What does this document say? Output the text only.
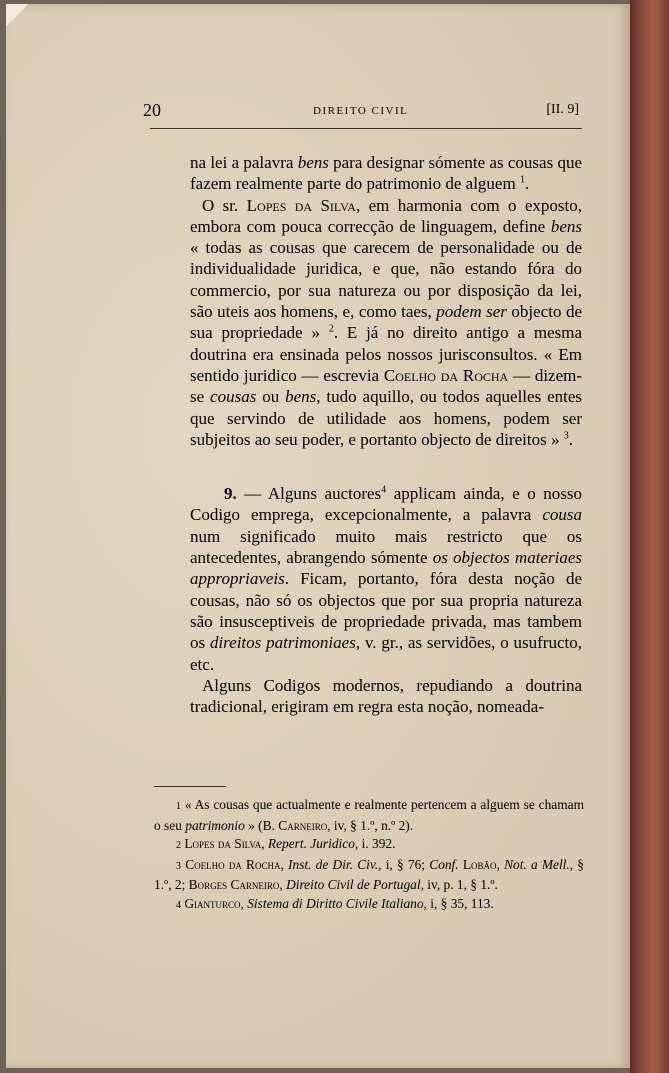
20	DIREITO CIVIL	[II. 9]

na lei a palavra bens para designar sómente as cousas que fazem realmente parte do patrimonio de alguem $^1$.

O sr. Lopes da Silva, em harmonia com o exposto, embora com pouca correcção de linguagem, define bens « todas as cousas que carecem de personalidade ou de individualidade juridica, e que, não estando fóra do commercio, por sua natureza ou por disposição da lei, são uteis aos homens, e, como taes, podem ser objecto de sua propriedade » $^2$. E já no direito antigo a mesma doutrina era ensinada pelos nossos jurisconsultos. « Em sentido juridico — escrevia Coelho da Rocha — dizem-se cousas ou bens, tudo aquillo, ou todos aquelles entes que servindo de utilidade aos homens, podem ser subjeitos ao seu poder, e portanto objecto de direitos » $^3$.

9. — Alguns auctores$^4$ applicam ainda, e o nosso Codigo emprega, excepcionalmente, a palavra cousa num significado muito mais restricto que os antecedentes, abrangendo sómente os objectos materiaes appropriaveis. Ficam, portanto, fóra desta noção de cousas, não só os objectos que por sua propria natureza são insusceptiveis de propriedade privada, mas tambem os direitos patrimoniaes, v. gr., as servidões, o usufructo, etc.

Alguns Codigos modernos, repudiando a doutrina tradicional, erigiram em regra esta noção, nomeada-

1 « As cousas que actualmente e realmente pertencem a alguem se chamam o seu patrimonio » (B. Carneiro, iv, § 1.º, n.º 2).

2 Lopes da Silva, Repert. Juridico, i. 392.

3 Coelho da Rocha, Inst. de Dir. Civ., i, § 76; Conf. Lobão, Not. a Mell., § 1.º, 2; Borges Carneiro, Direito Civil de Portugal, iv, p. 1, § 1.º.

4 Gianturco, Sistema di Diritto Civile Italiano, i, § 35, 113.
